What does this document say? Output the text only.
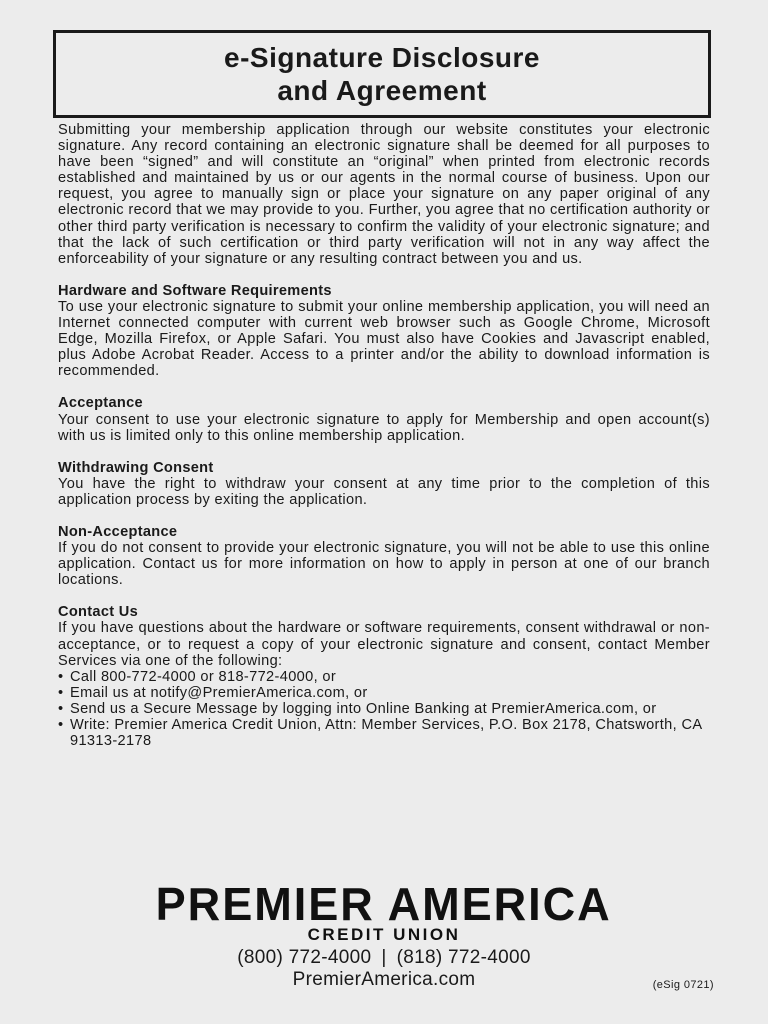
e-Signature Disclosure
and Agreement

Submitting your membership application through our website constitutes your electronic signature. Any record containing an electronic signature shall be deemed for all purposes to have been “signed” and will constitute an “original” when printed from electronic records established and maintained by us or our agents in the normal course of business. Upon our request, you agree to manually sign or place your signature on any paper original of any electronic record that we may provide to you. Further, you agree that no certification authority or other third party verification is necessary to confirm the validity of your electronic signature; and that the lack of such certification or third party verification will not in any way affect the enforceability of your signature or any resulting contract between you and us.

Hardware and Software Requirements

To use your electronic signature to submit your online membership application, you will need an Internet connected computer with current web browser such as Google Chrome, Microsoft Edge, Mozilla Firefox, or Apple Safari. You must also have Cookies and Javascript enabled, plus Adobe Acrobat Reader. Access to a printer and/or the ability to download information is recommended.

Acceptance

Your consent to use your electronic signature to apply for Membership and open account(s) with us is limited only to this online membership application.

Withdrawing Consent

You have the right to withdraw your consent at any time prior to the completion of this application process by exiting the application.

Non-Acceptance

If you do not consent to provide your electronic signature, you will not be able to use this online application. Contact us for more information on how to apply in person at one of our branch locations.

Contact Us

If you have questions about the hardware or software requirements, consent withdrawal or non-acceptance, or to request a copy of your electronic signature and consent, contact Member Services via one of the following:

• Call 800-772-4000 or 818-772-4000, or
• Email us at notify@PremierAmerica.com, or
• Send us a Secure Message by logging into Online Banking at PremierAmerica.com, or
• Write: Premier America Credit Union, Attn: Member Services, P.O. Box 2178, Chatsworth, CA 91313-2178
PREMIER AMERICA
CREDIT UNION
(800) 772-4000 | (818) 772-4000
PremierAmerica.com	(eSig 0721)
